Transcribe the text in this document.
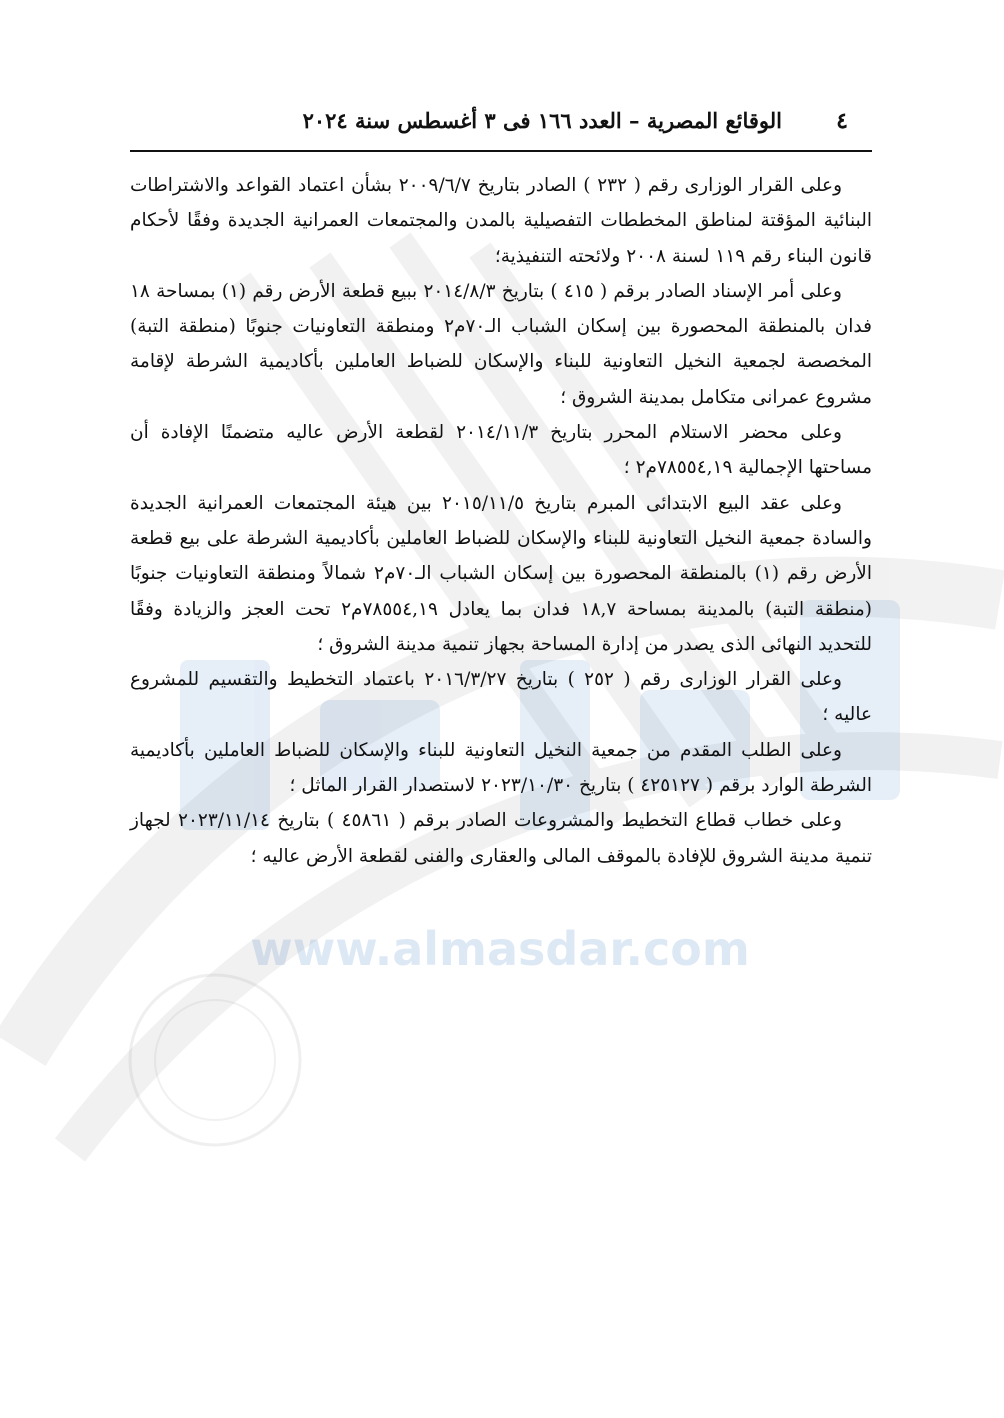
www.almasdar.com
٤
الوقائع المصرية – العدد ١٦٦ فى ٣ أغسطس سنة ٢٠٢٤

وعلى القرار الوزارى رقم ( ٢٣٢ ) الصادر بتاريخ ٢٠٠٩/٦/٧ بشأن اعتماد القواعد والاشتراطات البنائية المؤقتة لمناطق المخططات التفصيلية بالمدن والمجتمعات العمرانية الجديدة وفقًا لأحكام قانون البناء رقم ١١٩ لسنة ٢٠٠٨ ولائحته التنفيذية؛

وعلى أمر الإسناد الصادر برقم ( ٤١٥ ) بتاريخ ٢٠١٤/٨/٣ ببيع قطعة الأرض رقم (١) بمساحة ١٨ فدان بالمنطقة المحصورة بين إسكان الشباب الـ٧٠م٢ ومنطقة التعاونيات جنوبًا (منطقة التبة) المخصصة لجمعية النخيل التعاونية للبناء والإسكان للضباط العاملين بأكاديمية الشرطة لإقامة مشروع عمرانى متكامل بمدينة الشروق ؛

وعلى محضر الاستلام المحرر بتاريخ ٢٠١٤/١١/٣ لقطعة الأرض عاليه متضمنًا الإفادة أن مساحتها الإجمالية ٧٨٥٥٤,١٩م٢ ؛

وعلى عقد البيع الابتدائى المبرم بتاريخ ٢٠١٥/١١/٥ بين هيئة المجتمعات العمرانية الجديدة والسادة جمعية النخيل التعاونية للبناء والإسكان للضباط العاملين بأكاديمية الشرطة على بيع قطعة الأرض رقم (١) بالمنطقة المحصورة بين إسكان الشباب الـ٧٠م٢ شمالاً ومنطقة التعاونيات جنوبًا (منطقة التبة) بالمدينة بمساحة ١٨,٧ فدان بما يعادل ٧٨٥٥٤,١٩م٢ تحت العجز والزيادة وفقًا للتحديد النهائى الذى يصدر من إدارة المساحة بجهاز تنمية مدينة الشروق ؛

وعلى القرار الوزارى رقم ( ٢٥٢ ) بتاريخ ٢٠١٦/٣/٢٧ باعتماد التخطيط والتقسيم للمشروع عاليه ؛

وعلى الطلب المقدم من جمعية النخيل التعاونية للبناء والإسكان للضباط العاملين بأكاديمية الشرطة الوارد برقم ( ٤٢٥١٢٧ ) بتاريخ ٢٠٢٣/١٠/٣٠ لاستصدار القرار الماثل ؛

وعلى خطاب قطاع التخطيط والمشروعات الصادر برقم ( ٤٥٨٦١ ) بتاريخ ٢٠٢٣/١١/١٤ لجهاز تنمية مدينة الشروق للإفادة بالموقف المالى والعقارى والفنى لقطعة الأرض عاليه ؛
